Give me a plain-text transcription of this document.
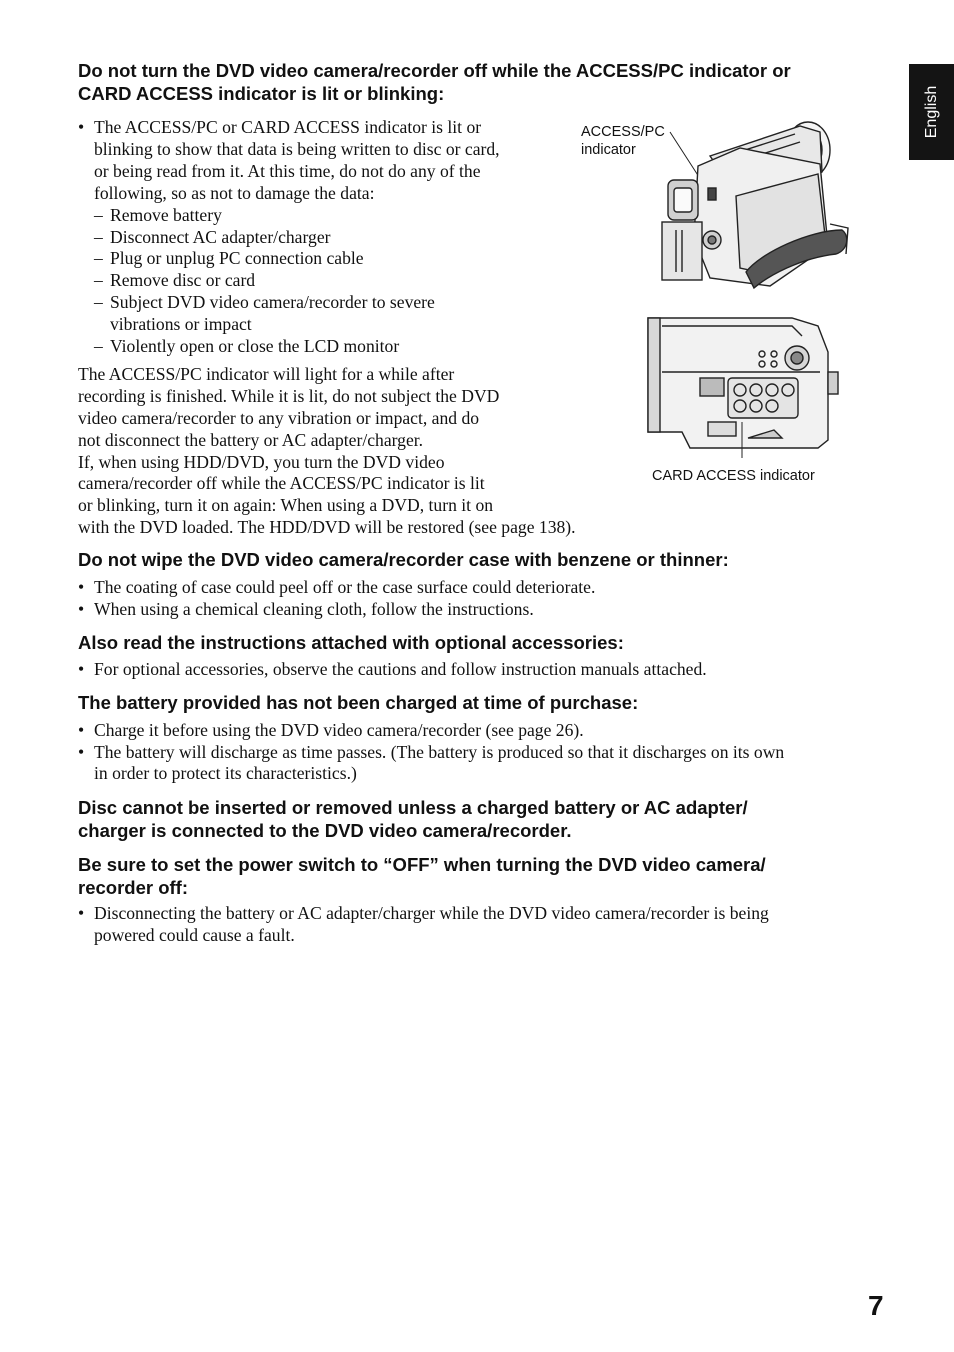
English

Do not turn the DVD video camera/recorder off while the ACCESS/PC indicator or

CARD ACCESS indicator is lit or blinking:

• The ACCESS/PC or CARD ACCESS indicator is lit or

blinking to show that data is being written to disc or card,

or being read from it. At this time, do not do any of the

following, so as not to damage the data:

– Remove battery

– Disconnect AC adapter/charger

– Plug or unplug PC connection cable

– Remove disc or card

– Subject DVD video camera/recorder to severe

vibrations or impact

– Violently open or close the LCD monitor

The ACCESS/PC indicator will light for a while after

recording is finished. While it is lit, do not subject the DVD

video camera/recorder to any vibration or impact, and do

not disconnect the battery or AC adapter/charger.

If, when using HDD/DVD, you turn the DVD video

camera/recorder off while the ACCESS/PC indicator is lit

or blinking, turn it on again: When using a DVD, turn it on

with the DVD loaded. The HDD/DVD will be restored (see page 138).

ACCESS/PC
indicator
CARD ACCESS indicator

Do not wipe the DVD video camera/recorder case with benzene or thinner:

• The coating of case could peel off or the case surface could deteriorate.

• When using a chemical cleaning cloth, follow the instructions.

Also read the instructions attached with optional accessories:

• For optional accessories, observe the cautions and follow instruction manuals attached.

The battery provided has not been charged at time of purchase:

• Charge it before using the DVD video camera/recorder (see page 26).

• The battery will discharge as time passes. (The battery is produced so that it discharges on its own

in order to protect its characteristics.)

Disc cannot be inserted or removed unless a charged battery or AC adapter/

charger is connected to the DVD video camera/recorder.

Be sure to set the power switch to “OFF” when turning the DVD video camera/

recorder off:

• Disconnecting the battery or AC adapter/charger while the DVD video camera/recorder is being

powered could cause a fault.

7
